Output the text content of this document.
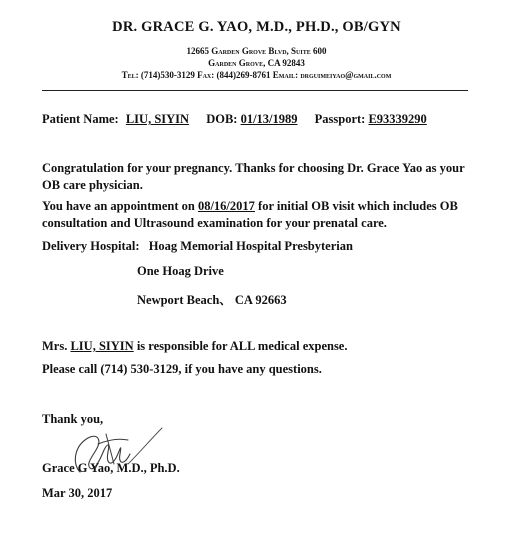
DR. GRACE G. YAO, M.D., PH.D., OB/GYN
12665 Garden Grove Blvd, Suite 600
Garden Grove, CA 92843
Tel: (714)530-3129 Fax: (844)269-8761 Email: drguimeiyao@gmail.com
Patient Name: LIU, SIYIN DOB: 01/13/1989 Passport: E93339290
Congratulation for your pregnancy. Thanks for choosing Dr. Grace Yao as your OB care physician.
You have an appointment on 08/16/2017 for initial OB visit which includes OB consultation and Ultrasound examination for your prenatal care.
Delivery Hospital: Hoag Memorial Hospital Presbyterian
One Hoag Drive
Newport Beach、 CA 92663
Mrs. LIU, SIYIN is responsible for ALL medical expense.
Please call (714) 530-3129, if you have any questions.
Thank you,
Grace G Yao, M.D., Ph.D.
Mar 30, 2017
